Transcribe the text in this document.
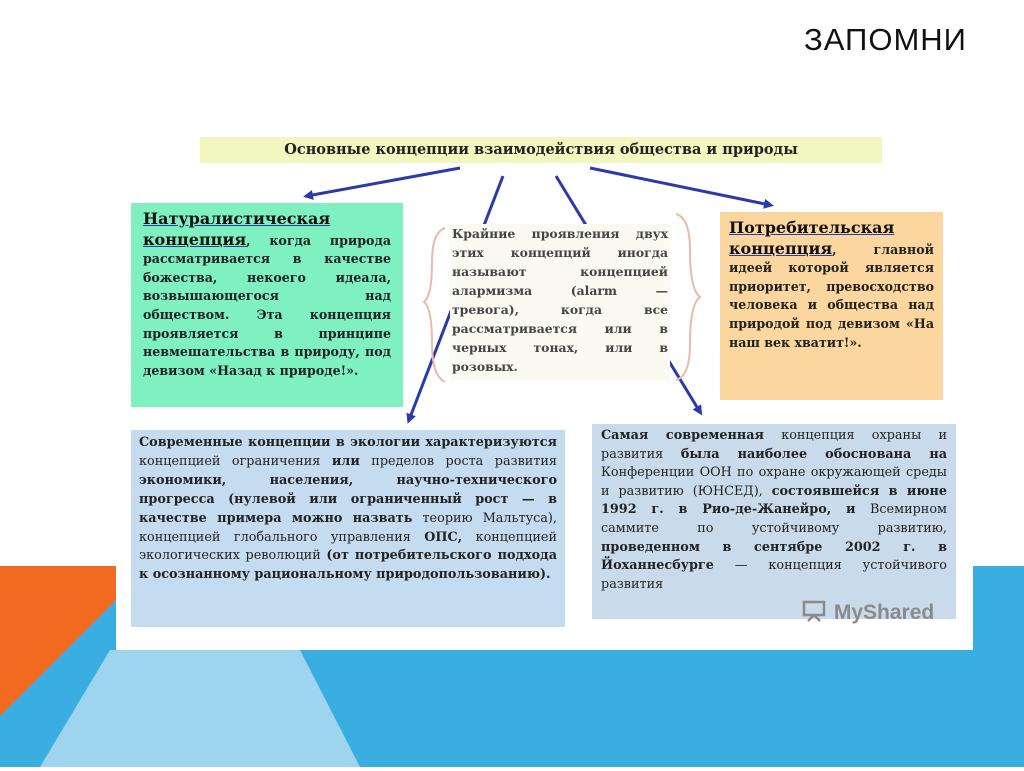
ЗАПОМНИ
Основные концепции взаимодействия общества и природы
Натуралистическая концепция, когда природа рассматривается в качестве божества, некоего идеала, возвышающегося над обществом. Эта концепция проявляется в принципе невмешательства в природу, под девизом «Назад к природе!».
Крайние проявления двух этих концепций иногда называют концепцией алармизма (alarm — тревога), когда все рассматривается или в черных тонах, или в розовых.
Потребительская концепция, главной идеей которой является приоритет, превосходство человека и общества над природой под девизом «На наш век хватит!».
Современные концепции в экологии характеризуются концепцией ограничения или пределов роста развития экономики, населения, научно-технического прогресса (нулевой или ограниченный рост — в качестве примера можно назвать теорию Мальтуса), концепцией глобального управления ОПС, концепцией экологических революций (от потребительского подхода к осознанному рациональному природопользованию).
Самая современная концепция охраны и развития была наиболее обоснована на Конференции ООН по охране окружающей среды и развитию (ЮНСЕД), состоявшейся в июне 1992 г. в Рио-де-Жанейро, и Всемирном саммите по устойчивому развитию, проведенном в сентябре 2002 г. в Йоханнесбурге — концепция устойчивого развития
MyShared
